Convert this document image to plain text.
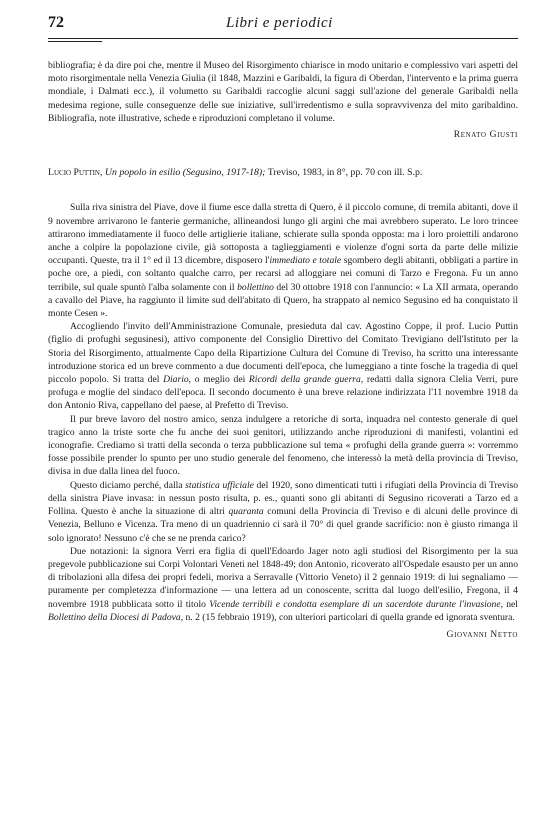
72	Libri e periodici

bibliografia; è da dire poi che, mentre il Museo del Risorgimento chiarisce in modo unitario e complessivo vari aspetti del moto risorgimentale nella Venezia Giulia (il 1848, Mazzini e Garibaldi, la figura di Oberdan, l'intervento e la prima guerra mondiale, i Dalmati ecc.), il volumetto su Garibaldi raccoglie alcuni saggi sull'azione del generale Garibaldi nella medesima regione, sulle conseguenze delle sue iniziative, sull'irredentismo e sulla sopravvivenza del mito garibaldino. Bibliografia, note illustrative, schede e riproduzioni completano il volume.

Renato Giusti
Lucio Puttin, Un popolo in esilio (Segusino, 1917-18); Treviso, 1983, in 8°, pp. 70 con ill. S.p.

Sulla riva sinistra del Piave, dove il fiume esce dalla stretta di Quero, è il piccolo comune, di tremila abitanti, dove il 9 novembre arrivarono le fanterie germaniche, allineandosi lungo gli argini che mai avrebbero superato. Le loro trincee attirarono immediatamente il fuoco delle artiglierie italiane, schierate sulla sponda opposta: ma i loro proiettili andarono anche a colpire la popolazione civile, già sottoposta a taglieggiamenti e violenze d'ogni sorta da parte delle milizie occupanti. Queste, tra il 1° ed il 13 dicembre, disposero l'immediato e totale sgombero degli abitanti, obbligati a partire in poche ore, a piedi, con soltanto qualche carro, per recarsi ad alloggiare nei comuni di Tarzo e Fregona. Fu un anno terribile, sul quale spuntò l'alba solamente con il bollettino del 30 ottobre 1918 con l'annuncio: « La XII armata, operando a cavallo del Piave, ha raggiunto il limite sud dell'abitato di Quero, ha strappato al nemico Segusino ed ha conquistato il monte Cesen ».

Accogliendo l'invito dell'Amministrazione Comunale, presieduta dal cav. Agostino Coppe, il prof. Lucio Puttin (figlio di profughi segusinesi), attivo componente del Consiglio Direttivo del Comitato Trevigiano dell'Istituto per la Storia del Risorgimento, attualmente Capo della Ripartizione Cultura del Comune di Treviso, ha scritto una interessante introduzione storica ed un breve commento a due documenti dell'epoca, che lumeggiano a tinte fosche la tragedia di quel piccolo popolo. Si tratta del Diario, o meglio dei Ricordi della grande guerra, redatti dalla signora Clelia Verri, pure profuga e moglie del sindaco dell'epoca. Il secondo documento è una breve relazione indirizzata l'11 novembre 1918 da don Antonio Riva, cappellano del paese, al Prefetto di Treviso.

Il pur breve lavoro del nostro amico, senza indulgere a retoriche di sorta, inquadra nel contesto generale di quel tragico anno la triste sorte che fu anche dei suoi genitori, utilizzando anche riproduzioni di manifesti, volantini ed iconografie. Crediamo si tratti della seconda o terza pubblicazione sul tema « profughi della grande guerra »: vorremmo fosse possibile prender lo spunto per uno studio generale del fenomeno, che interessò la metà della provincia di Treviso, divisa in due dalla linea del fuoco.

Questo diciamo perché, dalla statistica ufficiale del 1920, sono dimenticati tutti i rifugiati della Provincia di Treviso della sinistra Piave invasa: in nessun posto risulta, p. es., quanti sono gli abitanti di Segusino ricoverati a Tarzo ed a Follina. Questo è anche la situazione di altri quaranta comuni della Provincia di Treviso e di alcuni delle province di Venezia, Belluno e Vicenza. Tra meno di un quadriennio ci sarà il 70° di quel grande sacrificio: non è giusto rimanga il solo ignorato! Nessuno c'è che se ne prenda carico?

Due notazioni: la signora Verri era figlia di quell'Edoardo Jager noto agli studiosi del Risorgimento per la sua pregevole pubblicazione sui Corpi Volontari Veneti nel 1848-49; don Antonio, ricoverato all'Ospedale esausto per un anno di tribolazioni alla difesa dei propri fedeli, moriva a Serravalle (Vittorio Veneto) il 2 gennaio 1919: di lui segnaliamo — puramente per completezza d'informazione — una lettera ad un conoscente, scritta dal luogo dell'esilio, Fregona, il 4 novembre 1918 pubblicata sotto il titolo Vicende terribili e condotta esemplare di un sacerdote durante l'invasione, nel Bollettino della Diocesi di Padova, n. 2 (15 febbraio 1919), con ulteriori particolari di quella grande ed ignorata sventura.

Giovanni Netto
